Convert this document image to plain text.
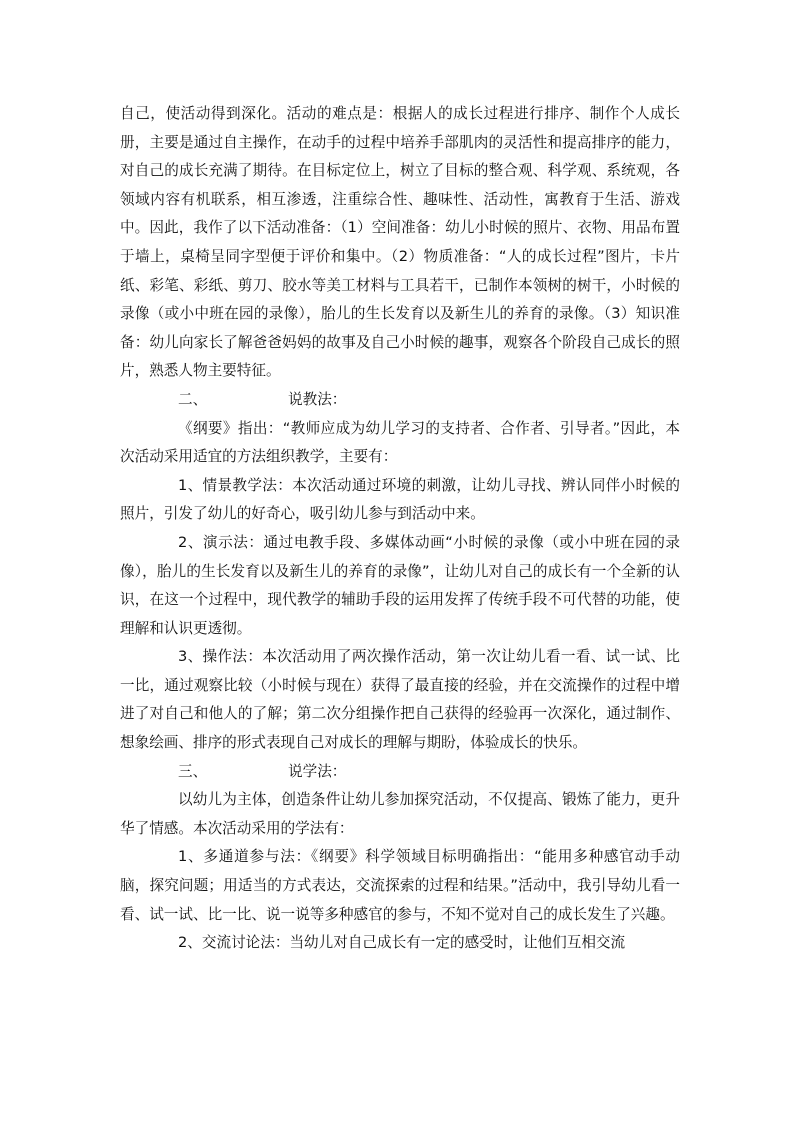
自己，使活动得到深化。活动的难点是：根据人的成长过程进行排序、制作个人成长册，主要是通过自主操作，在动手的过程中培养手部肌肉的灵活性和提高排序的能力，对自己的成长充满了期待。在目标定位上，树立了目标的整合观、科学观、系统观，各领域内容有机联系，相互渗透，注重综合性、趣味性、活动性，寓教育于生活、游戏中。因此，我作了以下活动准备：（1）空间准备：幼儿小时候的照片、衣物、用品布置于墙上，桌椅呈同字型便于评价和集中。（2）物质准备：“人的成长过程”图片，卡片纸、彩笔、彩纸、剪刀、胶水等美工材料与工具若干，已制作本领树的树干，小时候的录像（或小中班在园的录像），胎儿的生长发育以及新生儿的养育的录像。（3）知识准备：幼儿向家长了解爸爸妈妈的故事及自己小时候的趣事，观察各个阶段自己成长的照片，熟悉人物主要特征。

二、	说教法：

《纲要》指出：“教师应成为幼儿学习的支持者、合作者、引导者。”因此，本次活动采用适宜的方法组织教学，主要有：

1、情景教学法：本次活动通过环境的刺激，让幼儿寻找、辨认同伴小时候的照片，引发了幼儿的好奇心，吸引幼儿参与到活动中来。

2、演示法：通过电教手段、多媒体动画“小时候的录像（或小中班在园的录像），胎儿的生长发育以及新生儿的养育的录像”，让幼儿对自己的成长有一个全新的认识，在这一个过程中，现代教学的辅助手段的运用发挥了传统手段不可代替的功能，使理解和认识更透彻。

3、操作法：本次活动用了两次操作活动，第一次让幼儿看一看、试一试、比一比，通过观察比较（小时候与现在）获得了最直接的经验，并在交流操作的过程中增进了对自己和他人的了解；第二次分组操作把自己获得的经验再一次深化，通过制作、想象绘画、排序的形式表现自己对成长的理解与期盼，体验成长的快乐。

三、	说学法：

以幼儿为主体，创造条件让幼儿参加探究活动，不仅提高、锻炼了能力，更升华了情感。本次活动采用的学法有：

1、多通道参与法：《纲要》科学领域目标明确指出：“能用多种感官动手动脑，探究问题；用适当的方式表达，交流探索的过程和结果。”活动中，我引导幼儿看一看、试一试、比一比、说一说等多种感官的参与，不知不觉对自己的成长发生了兴趣。

2、交流讨论法：当幼儿对自己成长有一定的感受时，让他们互相交流
